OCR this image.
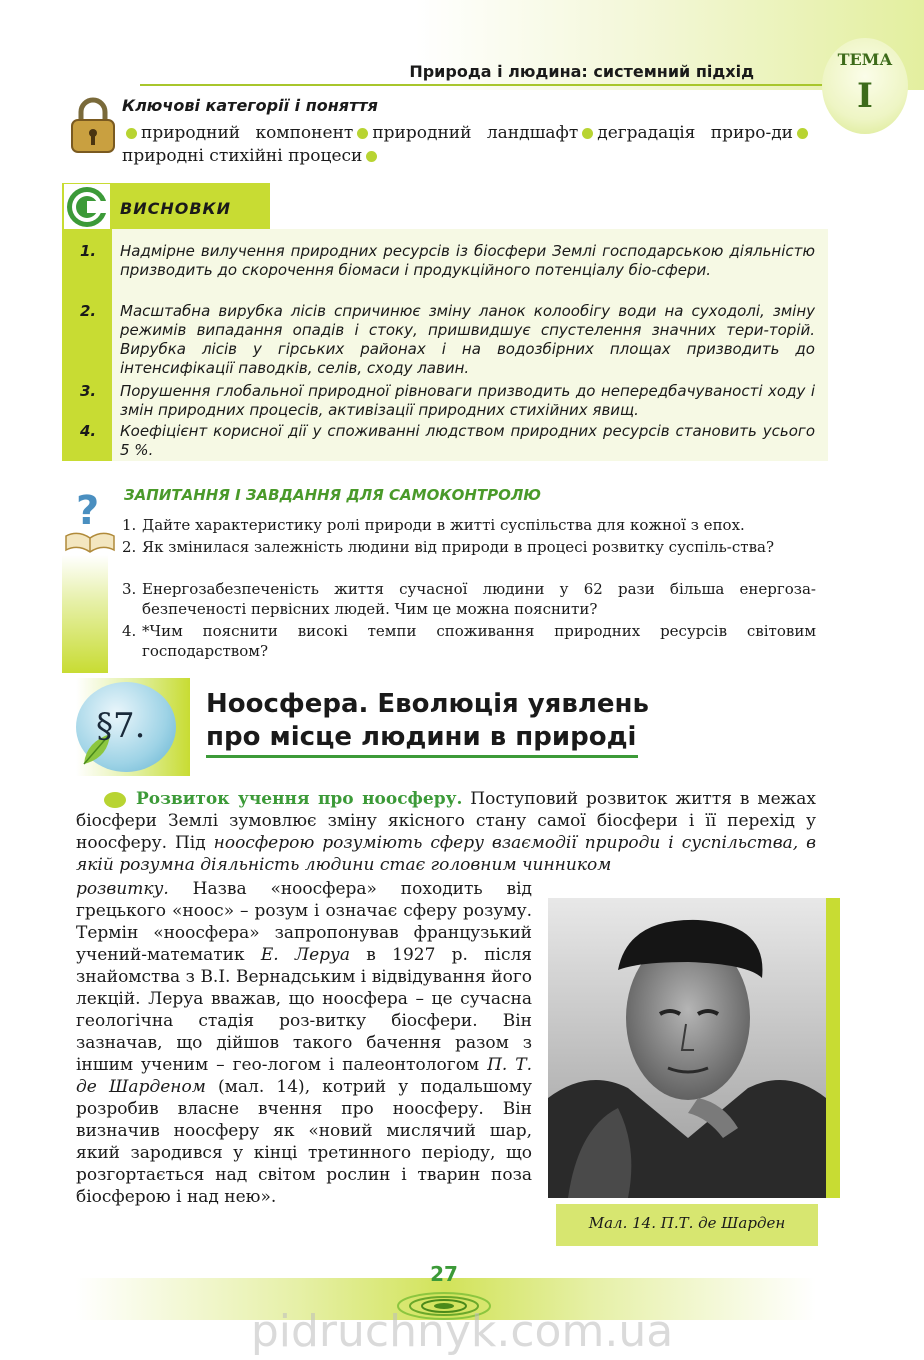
Природа і людина: системний підхід
ТЕМА
I
Ключові категорії і поняття
природний компонент природний ландшафт деградація приро-диприродні стихійні процеси
ВИСНОВКИ
1. Надмірне вилучення природних ресурсів із біосфери Землі господарською діяльністю призводить до скорочення біомаси і продукційного потенціалу біо-сфери.
2. Масштабна вирубка лісів спричинює зміну ланок колообігу води на суходолі, зміну режимів випадання опадів і стоку, пришвидшує спустелення значних тери-торій. Вирубка лісів у гірських районах і на водозбірних площах призводить до інтенсифікації паводків, селів, сходу лавин.
3. Порушення глобальної природної рівноваги призводить до непередбачуваності ходу і змін природних процесів, активізації природних стихійних явищ.
4. Коефіцієнт корисної дії у споживанні людством природних ресурсів становить усього 5 %.
? ЗАПИТАННЯ І ЗАВДАННЯ ДЛЯ САМОКОНТРОЛЮ
1. Дайте характеристику ролі природи в житті суспільства для кожної з епох.
2. Як змінилася залежність людини від природи в процесі розвитку суспіль-ства?
3. Енергозабезпеченість життя сучасної людини у 62 рази більша енергоза-безпеченості первісних людей. Чим це можна пояснити?
4. *Чим пояснити високі темпи споживання природних ресурсів світовим господарством?
§7.
Ноосфера. Еволюція уявлень
про місце людини в природі
Розвиток учення про ноосферу. Поступовий розвиток життя в межах біосфери Землі зумовлює зміну якісного стану самої біосфери і її перехід у ноосферу. Під ноосферою розуміють сферу взаємодії природи і суспільства, в якій розумна діяльність людини стає головним чинником
розвитку. Назва «ноосфера» походить від грецького «ноос» – розум і означає сферу розуму. Термін «ноосфера» запропонував французький учений-математик Е. Леруа в 1927 р. після знайомства з В.І. Вернадським і відвідування його лекцій. Леруа вважав, що ноосфера – це сучасна геологічна стадія роз-витку біосфери. Він зазначав, що дійшов такого бачення разом з іншим ученим – гео-логом і палеонтологом П. Т. де Шарденом (мал. 14), котрий у подальшому розробив власне вчення про ноосферу. Він визначив ноосферу як «новий мислячий шар, який зародився у кінці третинного періоду, що розгортається над світом рослин і тварин поза біосферою і над нею».
Мал. 14. П.Т. де Шарден
27
pidruchnyk.com.ua
